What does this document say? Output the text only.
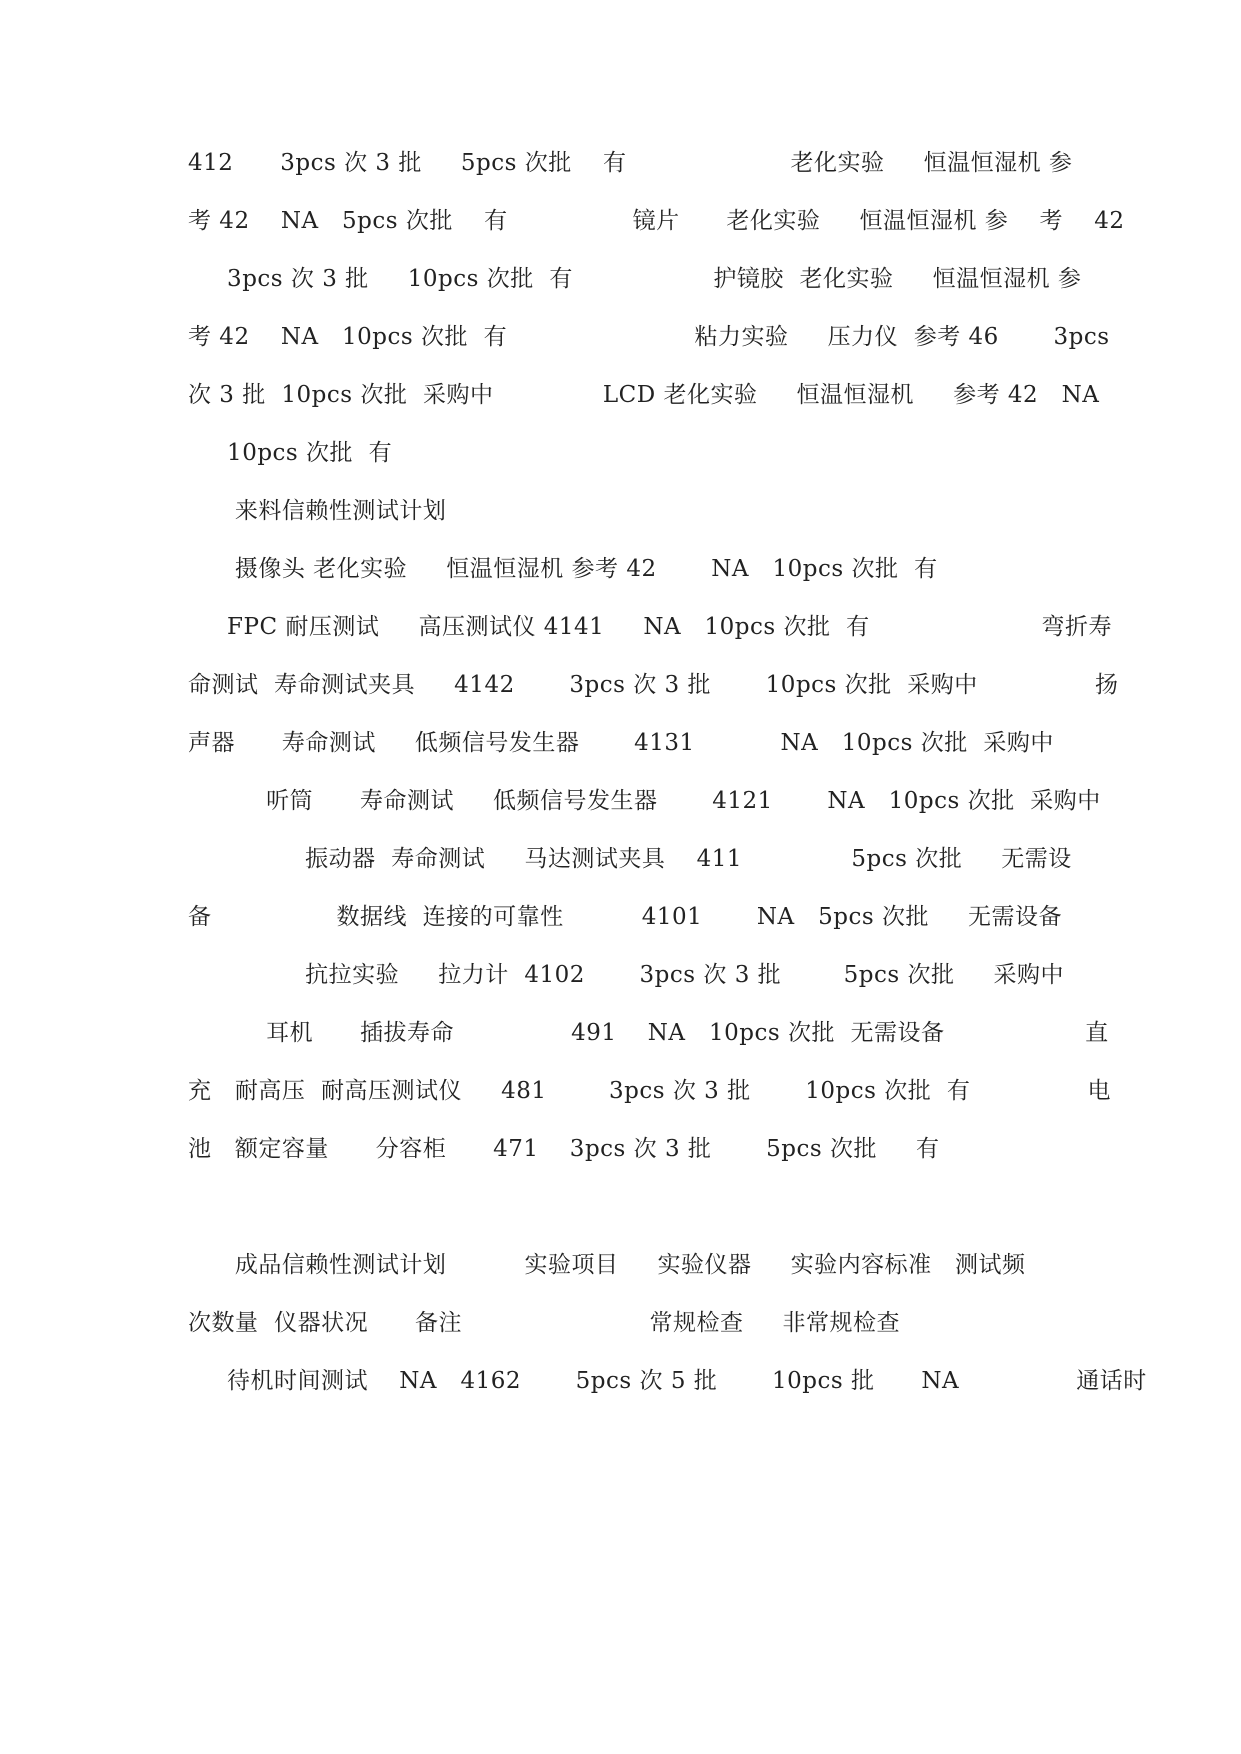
412      3pcs 次 3 批     5pcs 次批    有                     老化实验     恒温恒湿机 参
考 42    NA   5pcs 次批    有                镜片      老化实验     恒温恒湿机 参    考    42
3pcs 次 3 批     10pcs 次批  有                  护镜胶  老化实验     恒温恒湿机 参
考 42    NA   10pcs 次批  有                        粘力实验     压力仪  参考 46       3pcs
次 3 批  10pcs 次批  采购中              LCD 老化实验     恒温恒湿机     参考 42   NA
10pcs 次批  有
来料信赖性测试计划
摄像头 老化实验     恒温恒湿机 参考 42       NA   10pcs 次批  有
FPC 耐压测试     高压测试仪 4141     NA   10pcs 次批  有                      弯折寿
命测试  寿命测试夹具     4142       3pcs 次 3 批       10pcs 次批  采购中               扬
声器      寿命测试     低频信号发生器       4131           NA   10pcs 次批  采购中
听筒      寿命测试     低频信号发生器       4121       NA   10pcs 次批  采购中
振动器  寿命测试     马达测试夹具    411              5pcs 次批     无需设
备                数据线  连接的可靠性          4101       NA   5pcs 次批     无需设备
抗拉实验     拉力计  4102       3pcs 次 3 批        5pcs 次批     采购中
耳机      插拔寿命               491    NA   10pcs 次批  无需设备                  直
充   耐高压  耐高压测试仪     481        3pcs 次 3 批       10pcs 次批  有               电
池   额定容量      分容柜      471    3pcs 次 3 批       5pcs 次批     有
成品信赖性测试计划          实验项目     实验仪器     实验内容标准   测试频
次数量  仪器状况      备注                        常规检查     非常规检查
待机时间测试    NA   4162       5pcs 次 5 批       10pcs 批      NA               通话时
